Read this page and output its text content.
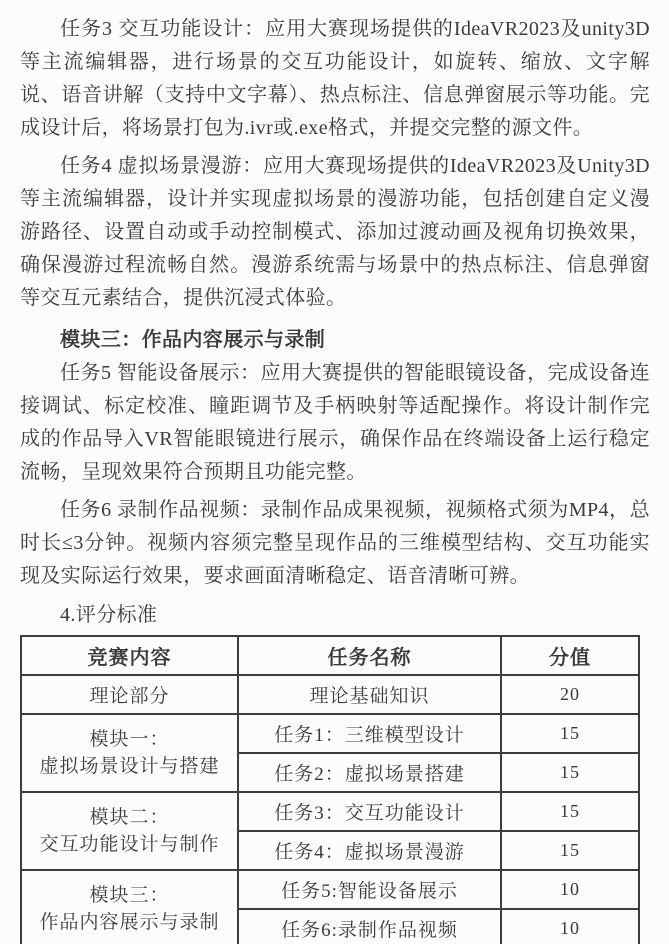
任务3 交互功能设计：应用大赛现场提供的IdeaVR2023及unity3D等主流编辑器，进行场景的交互功能设计，如旋转、缩放、文字解说、语音讲解（支持中文字幕）、热点标注、信息弹窗展示等功能。完成设计后，将场景打包为.ivr或.exe格式，并提交完整的源文件。

任务4 虚拟场景漫游：应用大赛现场提供的IdeaVR2023及Unity3D等主流编辑器，设计并实现虚拟场景的漫游功能，包括创建自定义漫游路径、设置自动或手动控制模式、添加过渡动画及视角切换效果，确保漫游过程流畅自然。漫游系统需与场景中的热点标注、信息弹窗等交互元素结合，提供沉浸式体验。

模块三：作品内容展示与录制

任务5 智能设备展示：应用大赛提供的智能眼镜设备，完成设备连接调试、标定校准、瞳距调节及手柄映射等适配操作。将设计制作完成的作品导入VR智能眼镜进行展示，确保作品在终端设备上运行稳定流畅，呈现效果符合预期且功能完整。

任务6 录制作品视频：录制作品成果视频，视频格式须为MP4，总时长≤3分钟。视频内容须完整呈现作品的三维模型结构、交互功能实现及实际运行效果，要求画面清晰稳定、语音清晰可辨。

4.评分标准

竞赛内容	任务名称	分值
理论部分	理论基础知识	20

模块一：
虚拟场景设计与搭建	任务1：三维模型设计	15
	任务2：虚拟场景搭建	15

模块二：
交互功能设计与制作	任务3：交互功能设计	15
	任务4：虚拟场景漫游	15

模块三：
作品内容展示与录制	任务5:智能设备展示	10
	任务6:录制作品视频	10
